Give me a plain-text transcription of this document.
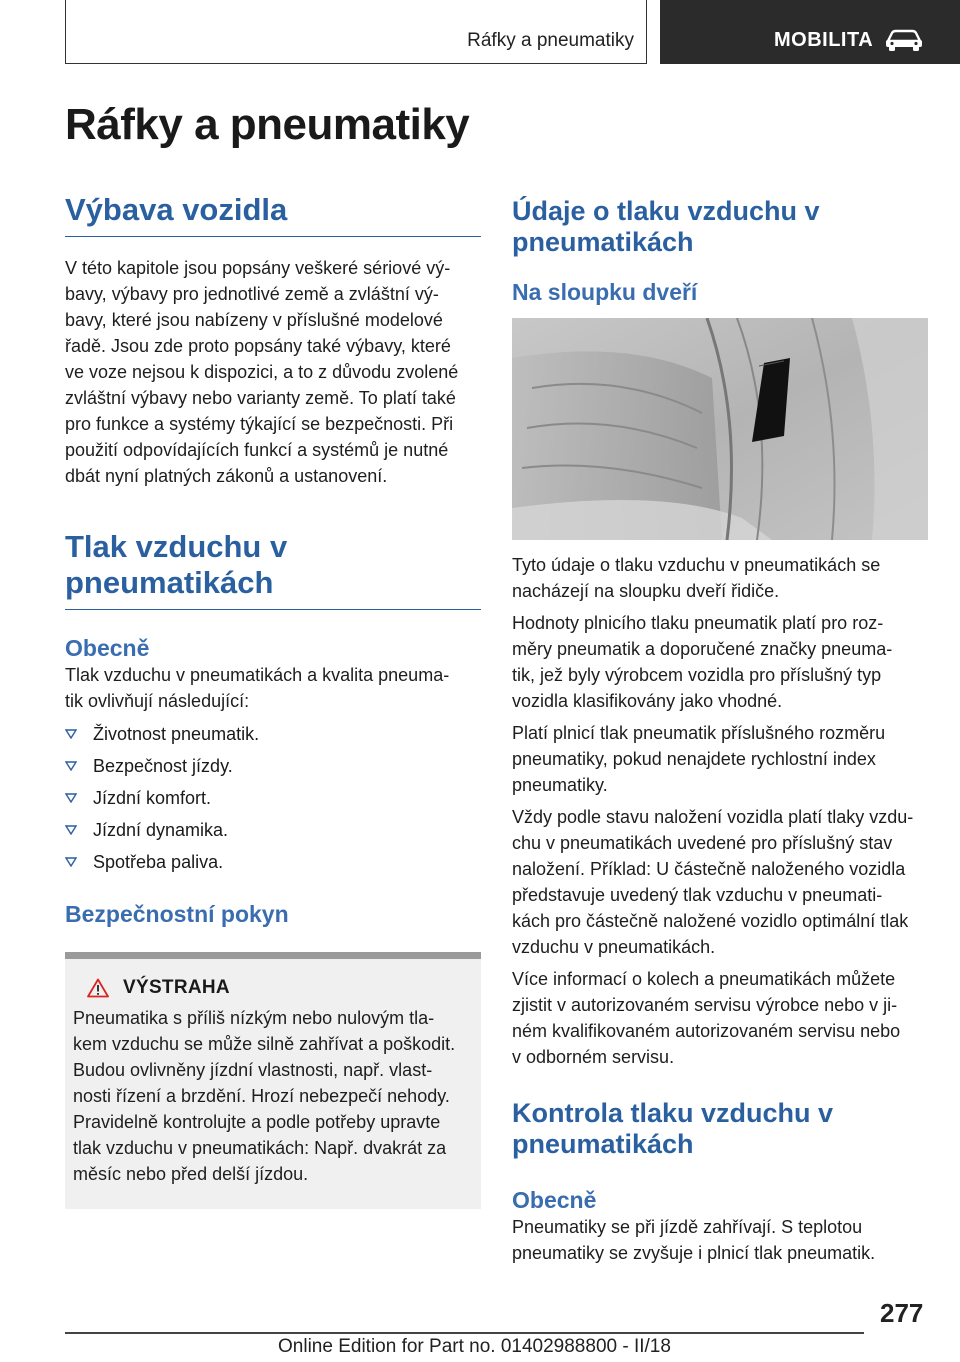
Ráfky a pneumatiky	MOBILITA
Ráfky a pneumatiky
Výbava vozidla

V této kapitole jsou popsány veškeré sériové vý‐
bavy, výbavy pro jednotlivé země a zvláštní vý‐
bavy, které jsou nabízeny v příslušné modelové
řadě. Jsou zde proto popsány také výbavy, které
ve voze nejsou k dispozici, a to z důvodu zvolené
zvláštní výbavy nebo varianty země. To platí také
pro funkce a systémy týkající se bezpečnosti. Při
použití odpovídajících funkcí a systémů je nutné
dbát nyní platných zákonů a ustanovení.

Tlak vzduchu v
pneumatikách
Obecně

Tlak vzduchu v pneumatikách a kvalita pneuma‐
tik ovlivňují následující:

Životnost pneumatik.
Bezpečnost jízdy.
Jízdní komfort.
Jízdní dynamika.
Spotřeba paliva.
Bezpečnostní pokyn
VÝSTRAHA

Pneumatika s příliš nízkým nebo nulovým tla‐
kem vzduchu se může silně zahřívat a poškodit.
Budou ovlivněny jízdní vlastnosti, např. vlast‐
nosti řízení a brzdění. Hrozí nebezpečí nehody.
Pravidelně kontrolujte a podle potřeby upravte
tlak vzduchu v pneumatikách: Např. dvakrát za
měsíc nebo před delší jízdou.

Údaje o tlaku vzduchu v
pneumatikách
Na sloupku dveří

Tyto údaje o tlaku vzduchu v pneumatikách se
nacházejí na sloupku dveří řidiče.

Hodnoty plnicího tlaku pneumatik platí pro roz‐
měry pneumatik a doporučené značky pneuma‐
tik, jež byly výrobcem vozidla pro příslušný typ
vozidla klasifikovány jako vhodné.

Platí plnicí tlak pneumatik příslušného rozměru
pneumatiky, pokud nenajdete rychlostní index
pneumatiky.

Vždy podle stavu naložení vozidla platí tlaky vzdu‐
chu v pneumatikách uvedené pro příslušný stav
naložení. Příklad: U částečně naloženého vozidla
představuje uvedený tlak vzduchu v pneumati‐
kách pro částečně naložené vozidlo optimální tlak
vzduchu v pneumatikách.

Více informací o kolech a pneumatikách můžete
zjistit v autorizovaném servisu výrobce nebo v ji‐
ném kvalifikovaném autorizovaném servisu nebo
v odborném servisu.

Kontrola tlaku vzduchu v
pneumatikách
Obecně

Pneumatiky se při jízdě zahřívají. S teplotou
pneumatiky se zvyšuje i plnicí tlak pneumatik.

277
Online Edition for Part no. 01402988800 - II/18
